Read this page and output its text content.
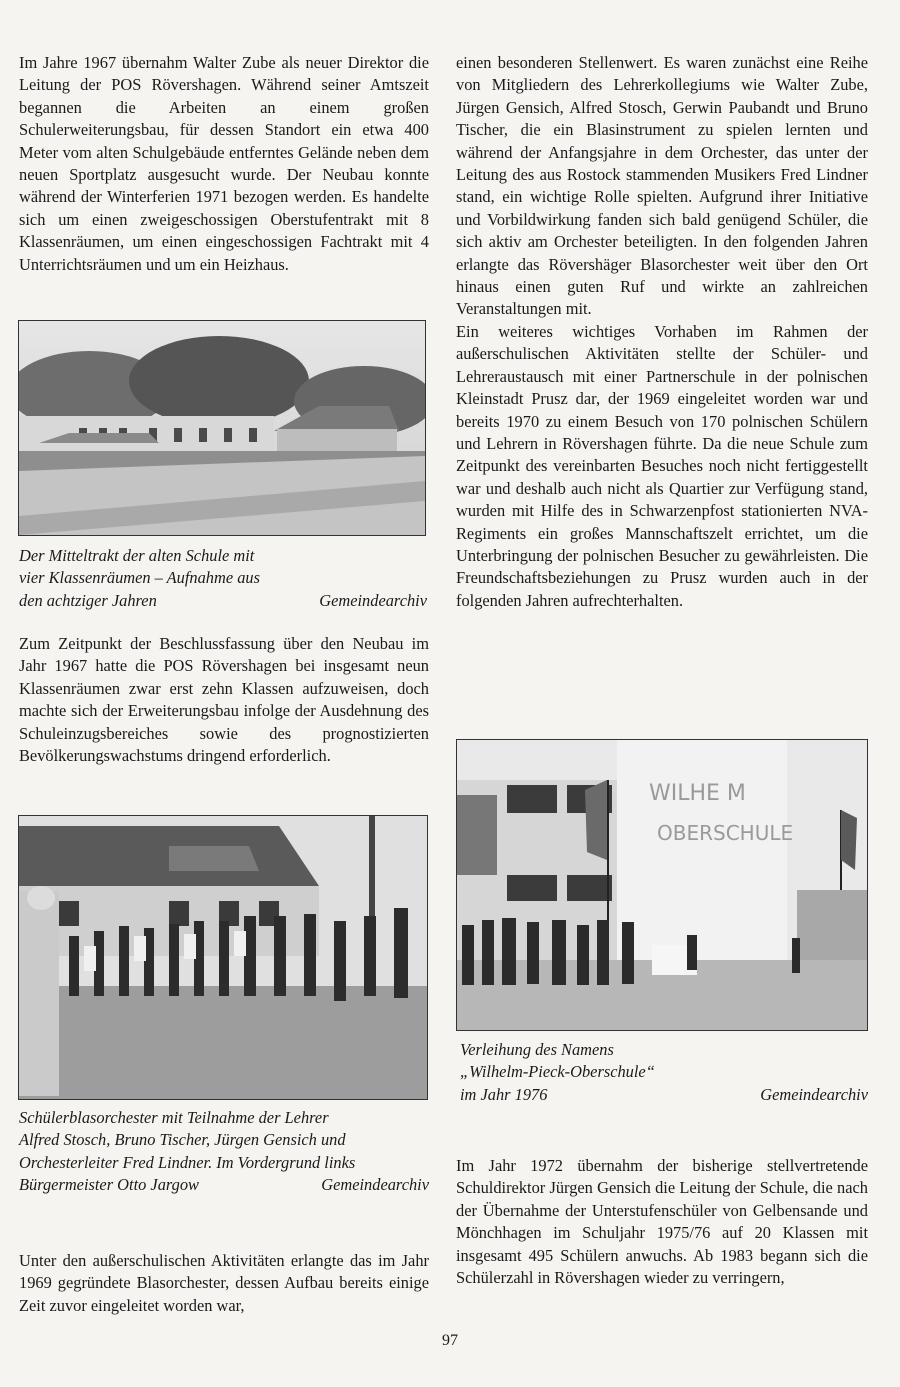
Im Jahre 1967 übernahm Walter Zube als neuer Direktor die Leitung der POS Rövershagen. Während seiner Amtszeit begannen die Arbeiten an einem großen Schulerweiterungsbau, für dessen Standort ein etwa 400 Meter vom alten Schulgebäude entferntes Gelände neben dem neuen Sportplatz ausgesucht wurde. Der Neubau konnte während der Winterferien 1971 bezogen werden. Es handelte sich um einen zweigeschossigen Oberstufentrakt mit 8 Klassenräumen, um einen eingeschossigen Fachtrakt mit 4 Unterrichtsräumen und um ein Heizhaus.

Der Mitteltrakt der alten Schule mit
vier Klassenräumen – Aufnahme aus
den achtziger Jahren	Gemeindearchiv

Zum Zeitpunkt der Beschlussfassung über den Neubau im Jahr 1967 hatte die POS Rövershagen bei insgesamt neun Klassenräumen zwar erst zehn Klassen aufzuweisen, doch machte sich der Erweiterungsbau infolge der Ausdehnung des Schuleinzugsbereiches sowie des prognostizierten Bevölkerungswachstums dringend erforderlich.

Schülerblasorchester mit Teilnahme der Lehrer
Alfred Stosch, Bruno Tischer, Jürgen Gensich und
Orchesterleiter Fred Lindner. Im Vordergrund links
Bürgermeister Otto Jargow	Gemeindearchiv

Unter den außerschulischen Aktivitäten erlangte das im Jahr 1969 gegründete Blasorchester, dessen Aufbau bereits einige Zeit zuvor eingeleitet worden war,

einen besonderen Stellenwert. Es waren zunächst eine Reihe von Mitgliedern des Lehrerkollegiums wie Walter Zube, Jürgen Gensich, Alfred Stosch, Gerwin Paubandt und Bruno Tischer, die ein Blasinstrument zu spielen lernten und während der Anfangsjahre in dem Orchester, das unter der Leitung des aus Rostock stammenden Musikers Fred Lindner stand, ein wichtige Rolle spielten. Aufgrund ihrer Initiative und Vorbildwirkung fanden sich bald genügend Schüler, die sich aktiv am Orchester beteiligten. In den folgenden Jahren erlangte das Rövershäger Blasorchester weit über den Ort hinaus einen guten Ruf und wirkte an zahlreichen Veranstaltungen mit.

Ein weiteres wichtiges Vorhaben im Rahmen der außerschulischen Aktivitäten stellte der Schüler- und Lehreraustausch mit einer Partnerschule in der polnischen Kleinstadt Prusz dar, der 1969 eingeleitet worden war und bereits 1970 zu einem Besuch von 170 polnischen Schülern und Lehrern in Rövershagen führte. Da die neue Schule zum Zeitpunkt des vereinbarten Besuches noch nicht fertiggestellt war und deshalb auch nicht als Quartier zur Verfügung stand, wurden mit Hilfe des in Schwarzenpfost stationierten NVA-Regiments ein großes Mannschaftszelt errichtet, um die Unterbringung der polnischen Besucher zu gewährleisten. Die Freundschaftsbeziehungen zu Prusz wurden auch in der folgenden Jahren aufrechterhalten.

WILHE M
OBERSCHULE
Verleihung des Namens
„Wilhelm-Pieck-Oberschule“
im Jahr 1976	Gemeindearchiv

Im Jahr 1972 übernahm der bisherige stellvertretende Schuldirektor Jürgen Gensich die Leitung der Schule, die nach der Übernahme der Unterstufenschüler von Gelbensande und Mönchhagen im Schuljahr 1975/76 auf 20 Klassen mit insgesamt 495 Schülern anwuchs. Ab 1983 begann sich die Schülerzahl in Rövershagen wieder zu verringern,

97
